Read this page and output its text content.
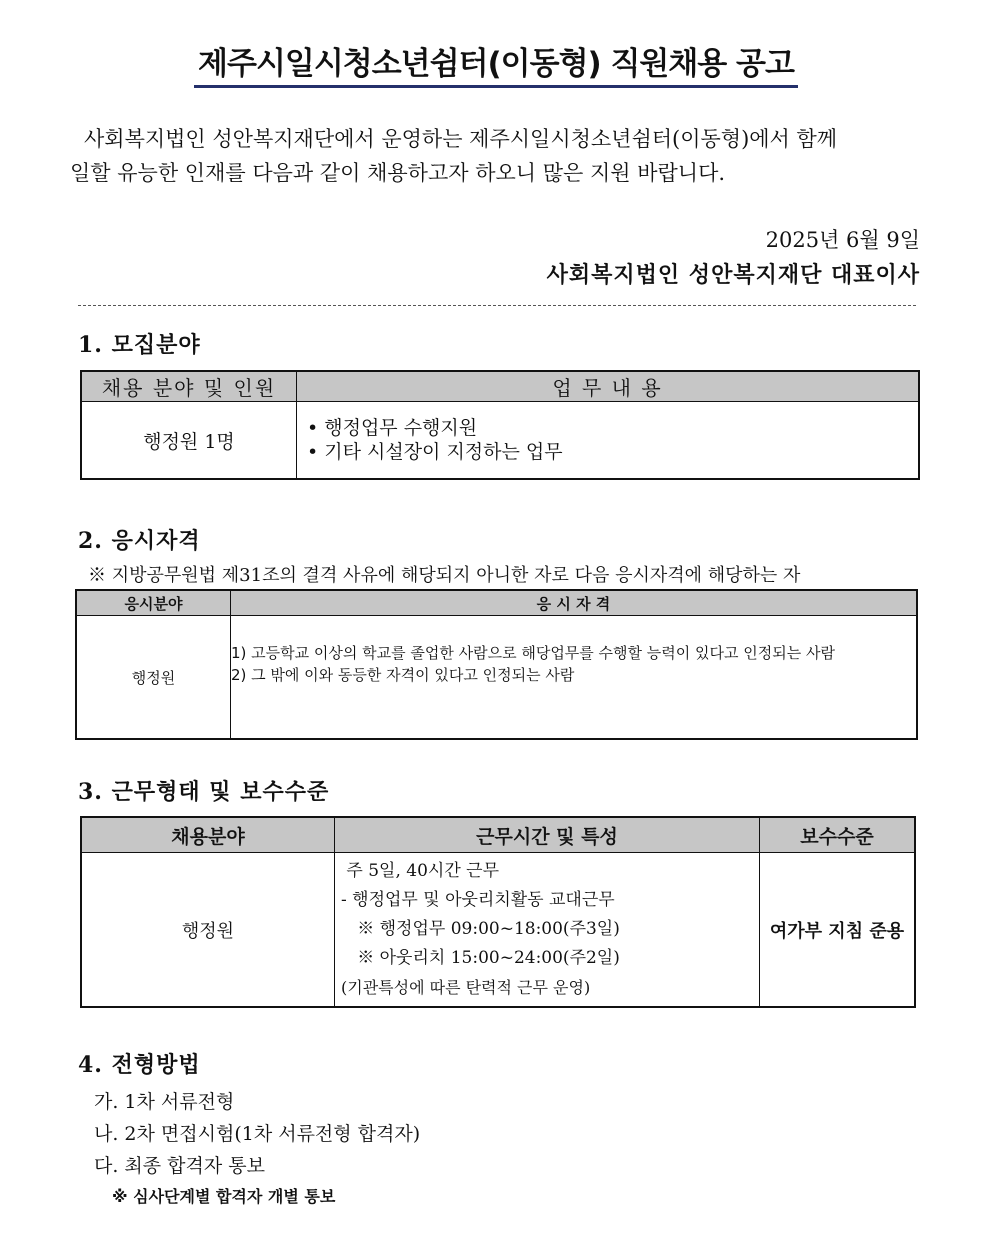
제주시일시청소년쉼터(이동형) 직원채용 공고
사회복지법인 성안복지재단에서 운영하는 제주시일시청소년쉼터(이동형)에서 함께
일할 유능한 인재를 다음과 같이 채용하고자 하오니 많은 지원 바랍니다.
2025년 6월 9일
사회복지법인 성안복지재단 대표이사
1. 모집분야
채용 분야 및 인원	업 무 내 용
행정원 1명	• 행정업무 수행지원
• 기타 시설장이 지정하는 업무
2. 응시자격
※ 지방공무원법 제31조의 결격 사유에 해당되지 아니한 자로 다음 응시자격에 해당하는 자
응시분야	응 시 자 격
행정원	1) 고등학교 이상의 학교를 졸업한 사람으로 해당업무를 수행할 능력이 있다고 인정되는 사람

2) 그 밖에 이와 동등한 자격이 있다고 인정되는 사람

3. 근무형태 및 보수수준
채용분야	근무시간 및 특성	보수수준
행정원	주 5일, 40시간 근무
- 행정업무 및 아웃리치활동 교대근무
※ 행정업무 09:00~18:00(주3일)
※ 아웃리치 15:00~24:00(주2일)
(기관특성에 따른 탄력적 근무 운영)	여가부 지침 준용
4. 전형방법
가. 1차 서류전형
나. 2차 면접시험(1차 서류전형 합격자)
다. 최종 합격자 통보
※ 심사단계별 합격자 개별 통보
